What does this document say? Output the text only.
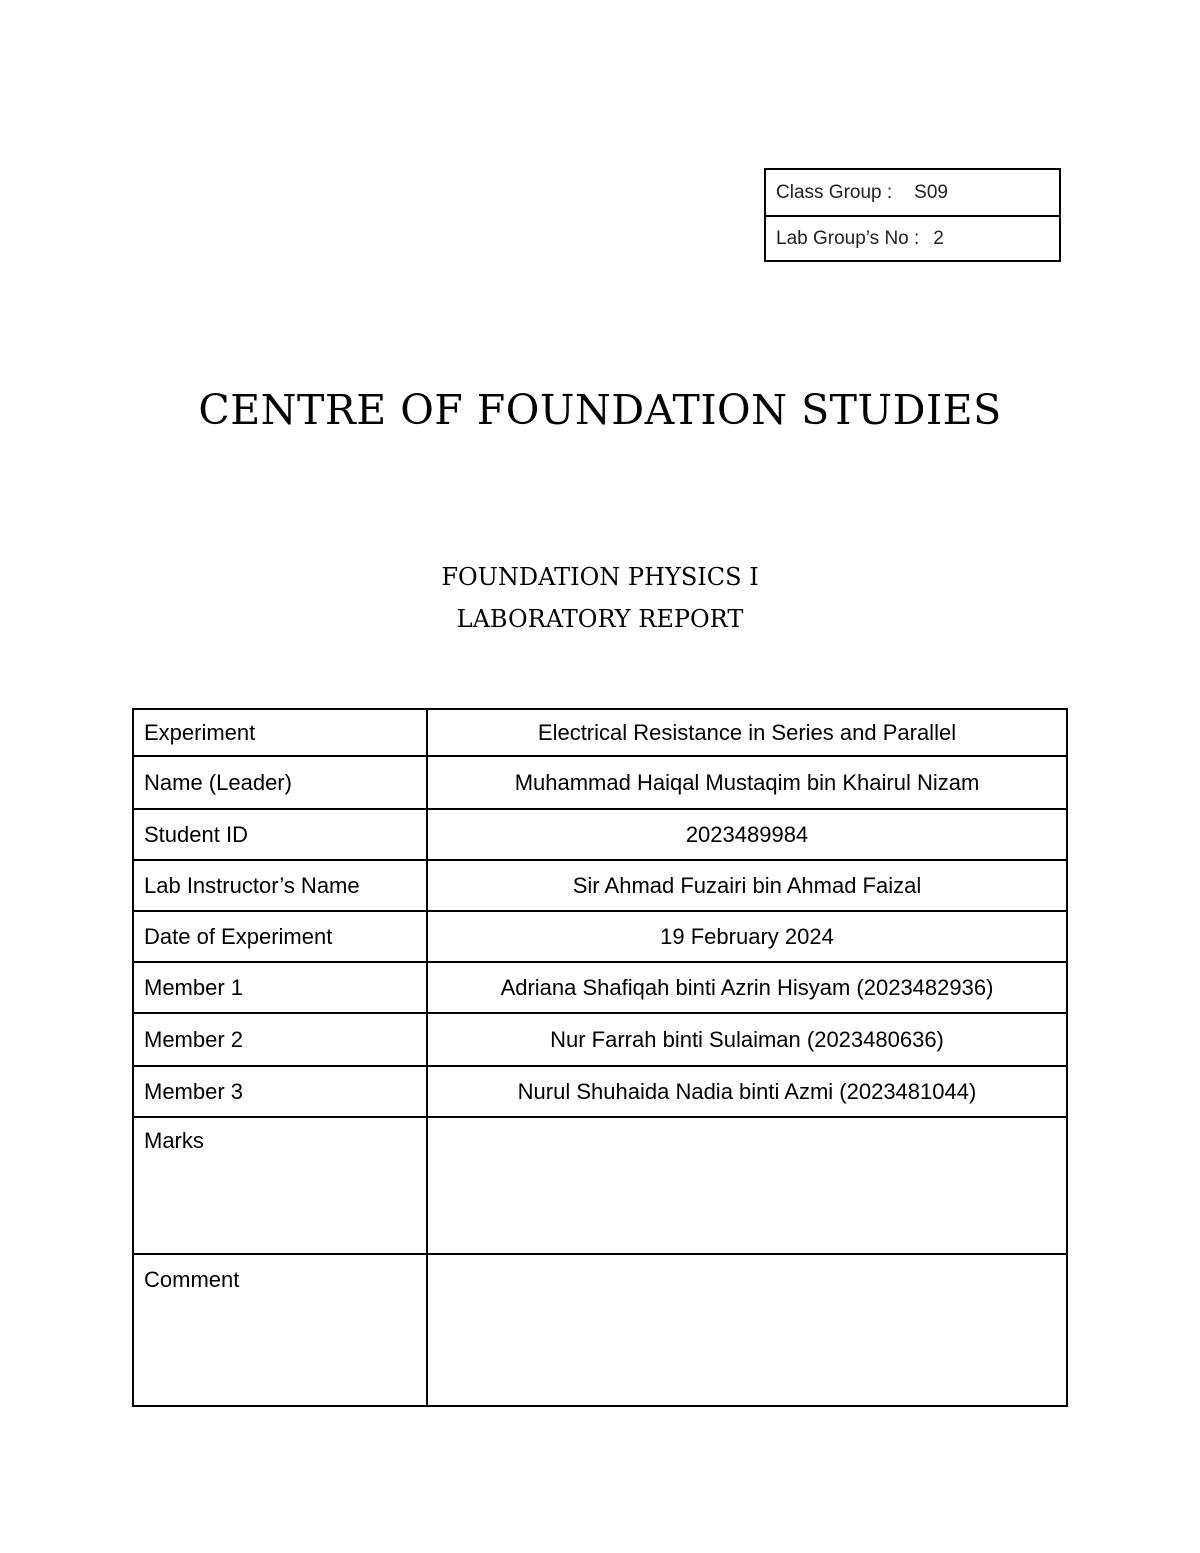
Class Group : S09
Lab Group’s No : 2
CENTRE OF FOUNDATION STUDIES
FOUNDATION PHYSICS I
LABORATORY REPORT
Experiment	Electrical Resistance in Series and Parallel
Name (Leader)	Muhammad Haiqal Mustaqim bin Khairul Nizam
Student ID	2023489984
Lab Instructor’s Name	Sir Ahmad Fuzairi bin Ahmad Faizal
Date of Experiment	19 February 2024
Member 1	Adriana Shafiqah binti Azrin Hisyam (2023482936)
Member 2	Nur Farrah binti Sulaiman (2023480636)
Member 3	Nurul Shuhaida Nadia binti Azmi (2023481044)
Marks	
Comment	
